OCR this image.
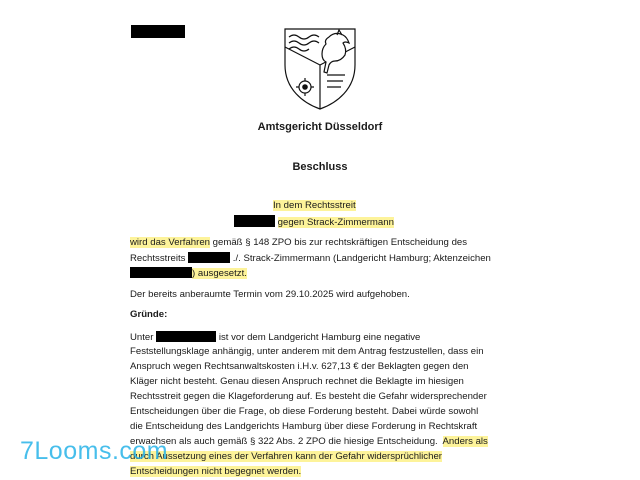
Amtsgericht Düsseldorf
Beschluss
In dem Rechtsstreit
gegen Strack-Zimmermann
wird das Verfahren gemäß § 148 ZPO bis zur rechtskräftigen Entscheidung des
Rechtsstreits	./. Strack-Zimmermann (Landgericht Hamburg; Aktenzeichen
) ausgesetzt.
Der bereits anberaumte Termin vom 29.10.2025 wird aufgehoben.
Gründe:
Unter	ist vor dem Landgericht Hamburg eine negative
Feststellungsklage anhängig, unter anderem mit dem Antrag festzustellen, dass ein
Anspruch wegen Rechtsanwaltskosten i.H.v. 627,13 € der Beklagten gegen den
Kläger nicht besteht. Genau diesen Anspruch rechnet die Beklagte im hiesigen
Rechtsstreit gegen die Klageforderung auf. Es besteht die Gefahr widersprechender
Entscheidungen über die Frage, ob diese Forderung besteht. Dabei würde sowohl
die Entscheidung des Landgerichts Hamburg über diese Forderung in Rechtskraft
erwachsen als auch gemäß § 322 Abs. 2 ZPO die hiesige Entscheidung.  Anders als
durch Aussetzung eines der Verfahren kann der Gefahr widersprüchlicher
Entscheidungen nicht begegnet werden.
7Looms.com
